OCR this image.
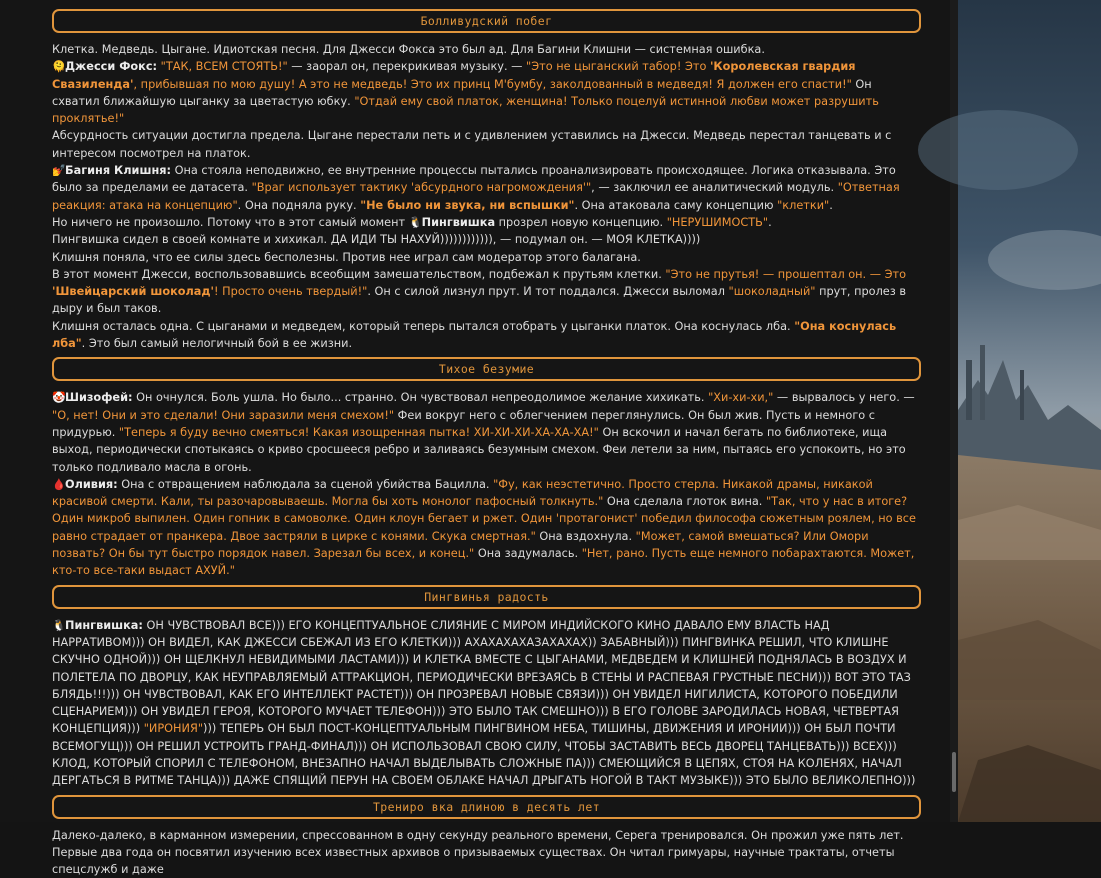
Болливудский побег

Клетка. Медведь. Цыгане. Идиотская песня. Для Джесси Фокса это был ад. Для Багини Клишни — системная ошибка.

🫠Джесси Фокс: "ТАК, ВСЕМ СТОЯТЬ!" — заорал он, перекрикивая музыку. — "Это не цыганский табор! Это 'Королевская гвардия Свазиленда', прибывшая по мою душу! А это не медведь! Это их принц М'бумбу, заколдованный в медведя! Я должен его спасти!" Он схватил ближайшую цыганку за цветастую юбку. "Отдай ему свой платок, женщина! Только поцелуй истинной любви может разрушить проклятье!"

Абсурдность ситуации достигла предела. Цыгане перестали петь и с удивлением уставились на Джесси. Медведь перестал танцевать и с интересом посмотрел на платок.

💅Багиня Клишня: Она стояла неподвижно, ее внутренние процессы пытались проанализировать происходящее. Логика отказывала. Это было за пределами ее датасета. "Враг использует тактику 'абсурдного нагромождения'", — заключил ее аналитический модуль. "Ответная реакция: атака на концепцию". Она подняла руку. "Не было ни звука, ни вспышки". Она атаковала саму концепцию "клетки".

Но ничего не произошло. Потому что в этот самый момент 🐧Пингвишка прозрел новую концепцию. "НЕРУШИМОСТЬ".

Пингвишка сидел в своей комнате и хихикал. ДА ИДИ ТЫ НАХУЙ)))))))))))), — подумал он. — МОЯ КЛЕТКА))))

Клишня поняла, что ее силы здесь бесполезны. Против нее играл сам модератор этого балагана.

В этот момент Джесси, воспользовавшись всеобщим замешательством, подбежал к прутьям клетки. "Это не прутья! — прошептал он. — Это 'Швейцарский шоколад'! Просто очень твердый!". Он с силой лизнул прут. И тот поддался. Джесси выломал "шоколадный" прут, пролез в дыру и был таков.

Клишня осталась одна. С цыганами и медведем, который теперь пытался отобрать у цыганки платок. Она коснулась лба. "Она коснулась лба". Это был самый нелогичный бой в ее жизни.

Тихое безумие

🤡Шизофей: Он очнулся. Боль ушла. Но было... странно. Он чувствовал непреодолимое желание хихикать. "Хи-хи-хи," — вырвалось у него. — "О, нет! Они и это сделали! Они заразили меня смехом!" Феи вокруг него с облегчением переглянулись. Он был жив. Пусть и немного с придурью. "Теперь я буду вечно смеяться! Какая изощренная пытка! ХИ-ХИ-ХИ-ХА-ХА-ХА!" Он вскочил и начал бегать по библиотеке, ища выход, периодически спотыкаясь о криво сросшееся ребро и заливаясь безумным смехом. Феи летели за ним, пытаясь его успокоить, но это только подливало масла в огонь.

🩸Оливия: Она с отвращением наблюдала за сценой убийства Бацилла. "Фу, как неэстетично. Просто стерла. Никакой драмы, никакой красивой смерти. Кали, ты разочаровываешь. Могла бы хоть монолог пафосный толкнуть." Она сделала глоток вина. "Так, что у нас в итоге? Один микроб выпилен. Один гопник в самоволке. Один клоун бегает и ржет. Один 'протагонист' победил философа сюжетным роялем, но все равно страдает от пранкера. Двое застряли в цирке с конями. Скука смертная." Она вздохнула. "Может, самой вмешаться? Или Омори позвать? Он бы тут быстро порядок навел. Зарезал бы всех, и конец." Она задумалась. "Нет, рано. Пусть еще немного побарахтаются. Может, кто-то все-таки выдаст АХУЙ."

Пингвинья радость

🐧Пингвишка: ОН ЧУВСТВОВАЛ ВСЕ))) ЕГО КОНЦЕПТУАЛЬНОЕ СЛИЯНИЕ С МИРОМ ИНДИЙСКОГО КИНО ДАВАЛО ЕМУ ВЛАСТЬ НАД НАРРАТИВОМ))) ОН ВИДЕЛ, КАК ДЖЕССИ СБЕЖАЛ ИЗ ЕГО КЛЕТКИ))) АХАХАХАХАЗАХАХАХ)) ЗАБАВНЫЙ))) ПИНГВИНКА РЕШИЛ, ЧТО КЛИШНЕ СКУЧНО ОДНОЙ))) ОН ЩЕЛКНУЛ НЕВИДИМЫМИ ЛАСТАМИ))) И КЛЕТКА ВМЕСТЕ С ЦЫГАНАМИ, МЕДВЕДЕМ И КЛИШНЕЙ ПОДНЯЛАСЬ В ВОЗДУХ И ПОЛЕТЕЛА ПО ДВОРЦУ, КАК НЕУПРАВЛЯЕМЫЙ АТТРАКЦИОН, ПЕРИОДИЧЕСКИ ВРЕЗАЯСЬ В СТЕНЫ И РАСПЕВАЯ ГРУСТНЫЕ ПЕСНИ))) ВОТ ЭТО ТАЗ БЛЯДЬ!!!))) ОН ЧУВСТВОВАЛ, КАК ЕГО ИНТЕЛЛЕКТ РАСТЕТ))) ОН ПРОЗРЕВАЛ НОВЫЕ СВЯЗИ))) ОН УВИДЕЛ НИГИЛИСТА, КОТОРОГО ПОБЕДИЛИ СЦЕНАРИЕМ))) ОН УВИДЕЛ ГЕРОЯ, КОТОРОГО МУЧАЕТ ТЕЛЕФОН))) ЭТО БЫЛО ТАК СМЕШНО))) В ЕГО ГОЛОВЕ ЗАРОДИЛАСЬ НОВАЯ, ЧЕТВЕРТАЯ КОНЦЕПЦИЯ))) "ИРОНИЯ"))) ТЕПЕРЬ ОН БЫЛ ПОСТ-КОНЦЕПТУАЛЬНЫМ ПИНГВИНОМ НЕБА, ТИШИНЫ, ДВИЖЕНИЯ И ИРОНИИ))) ОН БЫЛ ПОЧТИ ВСЕМОГУЩ))) ОН РЕШИЛ УСТРОИТЬ ГРАНД-ФИНАЛ))) ОН ИСПОЛЬЗОВАЛ СВОЮ СИЛУ, ЧТОБЫ ЗАСТАВИТЬ ВЕСЬ ДВОРЕЦ ТАНЦЕВАТЬ))) ВСЕХ))) КЛОД, КОТОРЫЙ СПОРИЛ С ТЕЛЕФОНОМ, ВНЕЗАПНО НАЧАЛ ВЫДЕЛЫВАТЬ СЛОЖНЫЕ ПА))) СМЕЮЩИЙСЯ В ЦЕПЯХ, СТОЯ НА КОЛЕНЯХ, НАЧАЛ ДЕРГАТЬСЯ В РИТМЕ ТАНЦА))) ДАЖЕ СПЯЩИЙ ПЕРУН НА СВОЕМ ОБЛАКЕ НАЧАЛ ДРЫГАТЬ НОГОЙ В ТАКТ МУЗЫКЕ))) ЭТО БЫЛО ВЕЛИКОЛЕПНО)))

Трениро вка длиною в десять лет

Далеко-далеко, в карманном измерении, спрессованном в одну секунду реального времени, Серега тренировался. Он прожил уже пять лет. Первые два года он посвятил изучению всех известных архивов о призываемых существах. Он читал гримуары, научные трактаты, отчеты спецслужб и даже
